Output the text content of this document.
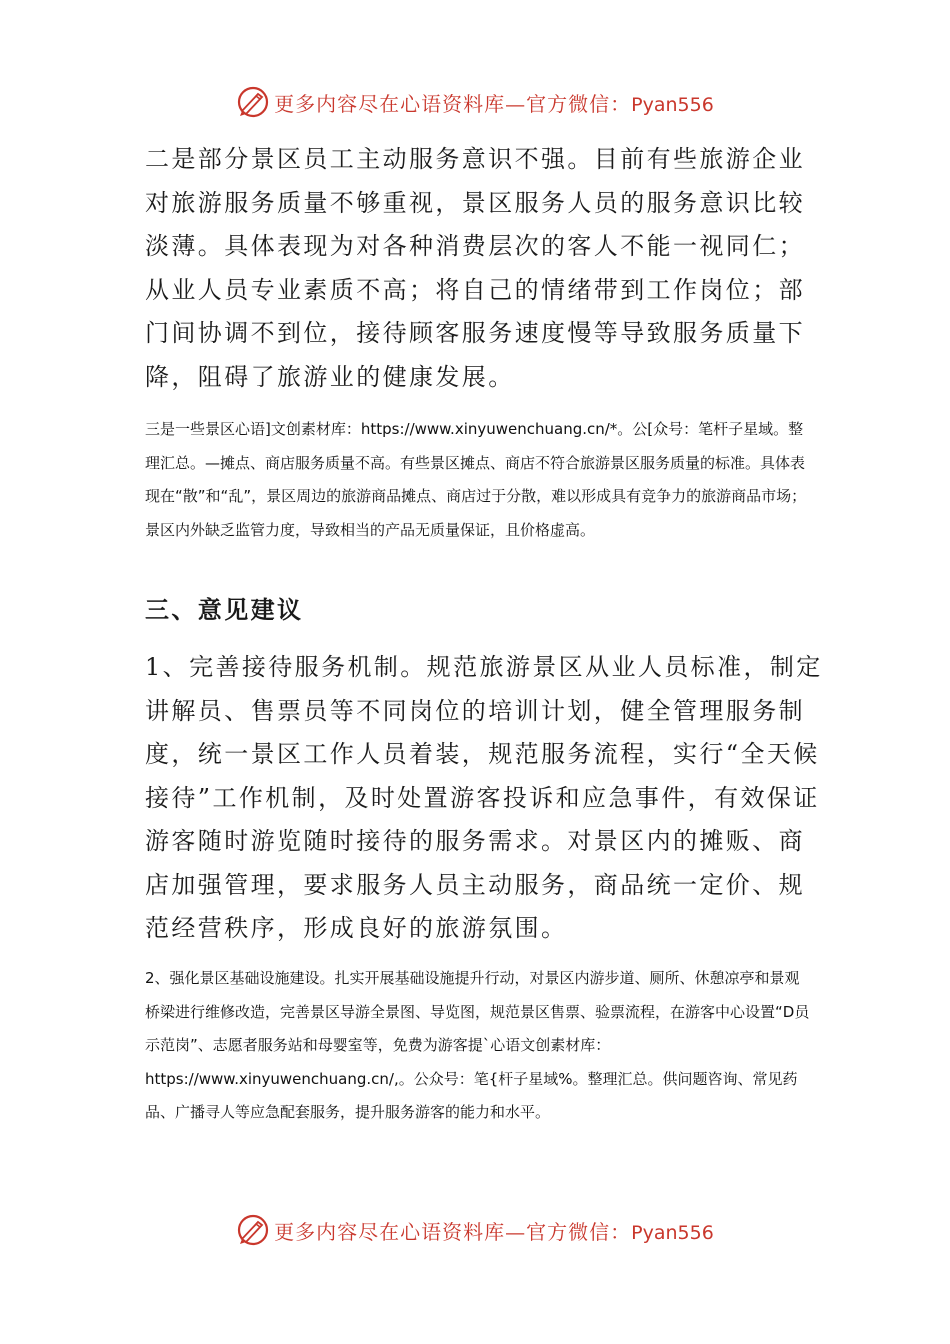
更多内容尽在心语资料库—官方微信：Pyan556

二是部分景区员工主动服务意识不强。目前有些旅游企业对旅游服务质量不够重视，景区服务人员的服务意识比较淡薄。具体表现为对各种消费层次的客人不能一视同仁；从业人员专业素质不高；将自己的情绪带到工作岗位；部门间协调不到位，接待顾客服务速度慢等导致服务质量下降，阻碍了旅游业的健康发展。

三是一些景区心语]文创素材库：https://www.xinyuwenchuang.cn/*。公[众号：笔杆子星域。整理汇总。—摊点、商店服务质量不高。有些景区摊点、商店不符合旅游景区服务质量的标准。具体表现在“散”和“乱”，景区周边的旅游商品摊点、商店过于分散，难以形成具有竞争力的旅游商品市场；景区内外缺乏监管力度，导致相当的产品无质量保证，且价格虚高。

三、意见建议

1、完善接待服务机制。规范旅游景区从业人员标准，制定讲解员、售票员等不同岗位的培训计划，健全管理服务制度，统一景区工作人员着装，规范服务流程，实行“全天候接待”工作机制，及时处置游客投诉和应急事件，有效保证游客随时游览随时接待的服务需求。对景区内的摊贩、商店加强管理，要求服务人员主动服务，商品统一定价、规范经营秩序，形成良好的旅游氛围。

2、强化景区基础设施建设。扎实开展基础设施提升行动，对景区内游步道、厕所、休憩凉亭和景观桥梁进行维修改造，完善景区导游全景图、导览图，规范景区售票、验票流程，在游客中心设置“D员示范岗”、志愿者服务站和母婴室等，免费为游客提`心语文创素材库：https://www.xinyuwenchuang.cn/,。公众号：笔{杆子星域%。整理汇总。供问题咨询、常见药品、广播寻人等应急配套服务，提升服务游客的能力和水平。

更多内容尽在心语资料库—官方微信：Pyan556
